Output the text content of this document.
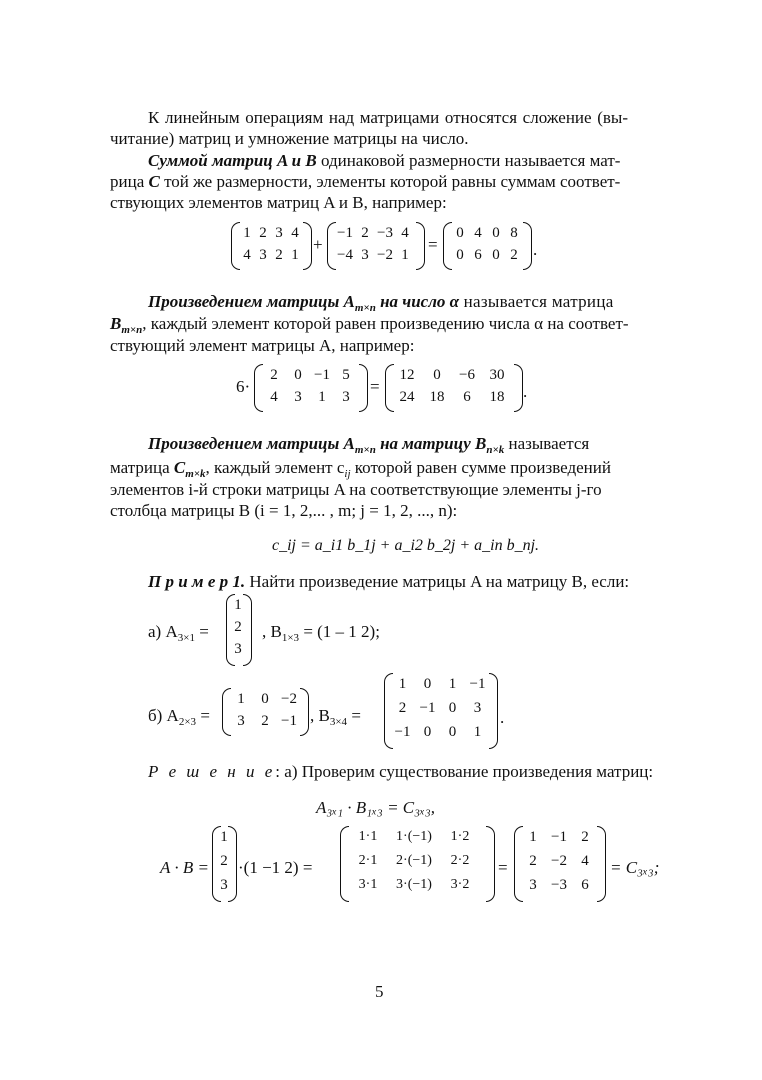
К линейным операциям над матрицами относятся сложение (вы-
читание) матриц и умножение матрицы на число.
Суммой матриц A и B одинаковой размерности называется мат-
рица C той же размерности, элементы которой равны суммам соответ-
ствующих элементов матриц A и B, например:
1 2 3 4
4 3 2 1
+
−1 2 −3 4
−4 3 −2 1
=
0 4 0 8
0 6 0 2 .
Произведением матрицы $A_{m\times n}$ на число α называется матрица
$B_{m\times n}$, каждый элемент которой равен произведению числа α на соответ-
ствующий элемент матрицы A, например:
6·
2	0 −1 5
4	3	1	3
=
12	0	−6 30
24	18	6	18	.
Произведением матрицы $A_{m\times n}$ на матрицу $B_{n\times k}$ называется
матрица $C_{m\times k}$, каждый элемент $c_{ij}$ которой равен сумме произведений
элементов i-й строки матрицы A на соответствующие элементы j-го
столбца матрицы B (i = 1, 2,... , m; j = 1, 2, ..., n):
c_ij = a_i1 b_1j + a_i2 b_2j + a_in b_nj.
П р и м е р 1. Найти произведение матрицы A на матрицу B, если:
а) $A_{3\times 1}$ =
1
2
3
, $B_{1\times 3} = (1 - 1$ 2);
б) $A_{2\times 3}$ =
1	0 −2
3	2 −1 , $B_{3\times 4}$ =
1	0	1 −1
2 −1 0	3
−1 0	0	1
.
Р е ш е н и е: а) Проверим существование произведения матриц:
A₃ₓ₁ · B₁ₓ₃ = C₃ₓ₃,
A · B =
1
2
3
·(1 −1 2) =
1·1	1·(−1)	1·2
2·1	2·(−1)	2·2
3·1	3·(−1)	3·2
=
1 −1 2
2 −2 4
3 −3 6
= C₃ₓ₃;
5
